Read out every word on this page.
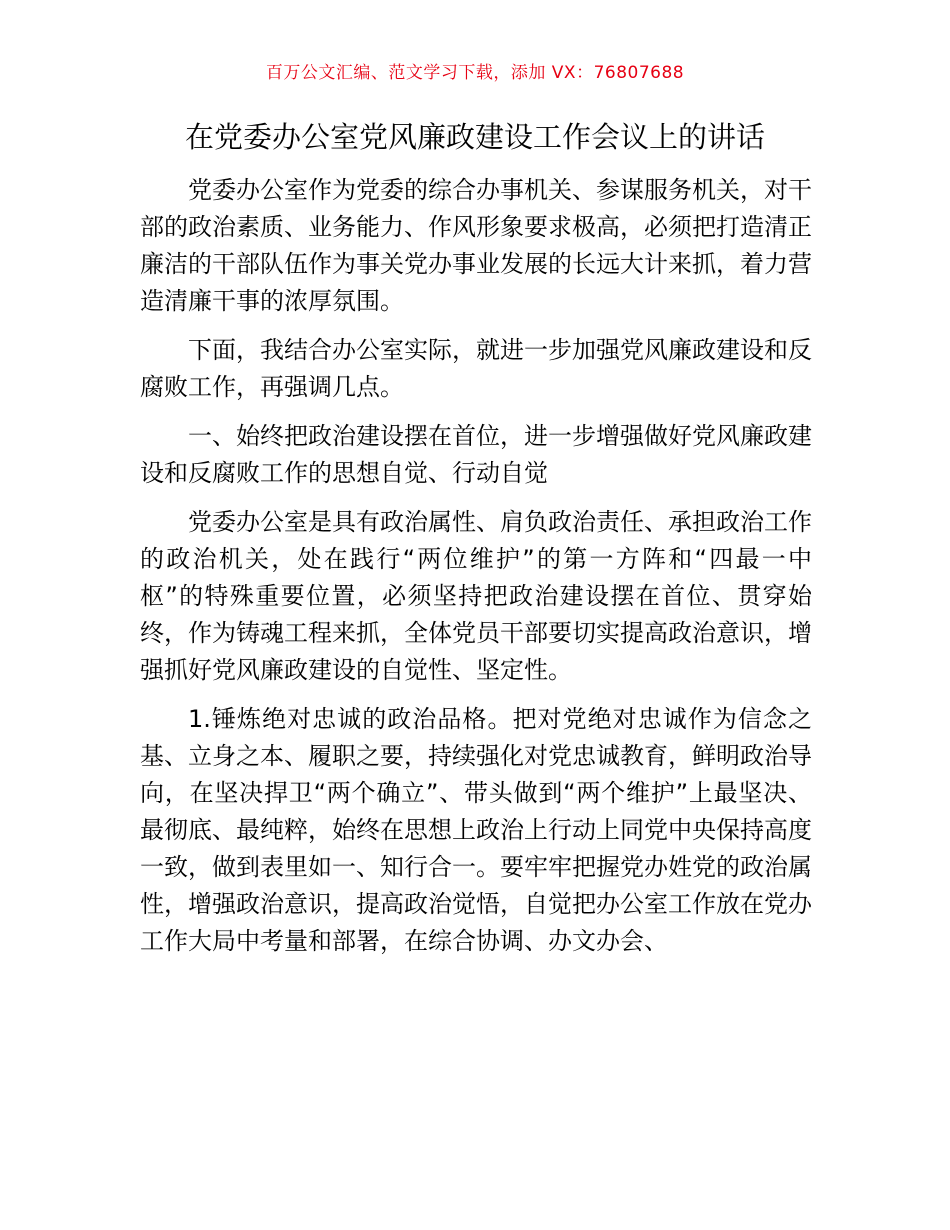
百万公文汇编、范文学习下载，添加 VX：76807688
在党委办公室党风廉政建设工作会议上的讲话

党委办公室作为党委的综合办事机关、参谋服务机关，对干部的政治素质、业务能力、作风形象要求极高，必须把打造清正廉洁的干部队伍作为事关党办事业发展的长远大计来抓，着力营造清廉干事的浓厚氛围。

下面，我结合办公室实际，就进一步加强党风廉政建设和反腐败工作，再强调几点。

一、始终把政治建设摆在首位，进一步增强做好党风廉政建设和反腐败工作的思想自觉、行动自觉

党委办公室是具有政治属性、肩负政治责任、承担政治工作的政治机关，处在践行“两位维护”的第一方阵和“四最一中枢”的特殊重要位置，必须坚持把政治建设摆在首位、贯穿始终，作为铸魂工程来抓，全体党员干部要切实提高政治意识，增强抓好党风廉政建设的自觉性、坚定性。

1.锤炼绝对忠诚的政治品格。把对党绝对忠诚作为信念之基、立身之本、履职之要，持续强化对党忠诚教育，鲜明政治导向，在坚决捍卫“两个确立”、带头做到“两个维护”上最坚决、最彻底、最纯粹，始终在思想上政治上行动上同党中央保持高度一致，做到表里如一、知行合一。要牢牢把握党办姓党的政治属性，增强政治意识，提高政治觉悟，自觉把办公室工作放在党办工作大局中考量和部署，在综合协调、办文办会、
